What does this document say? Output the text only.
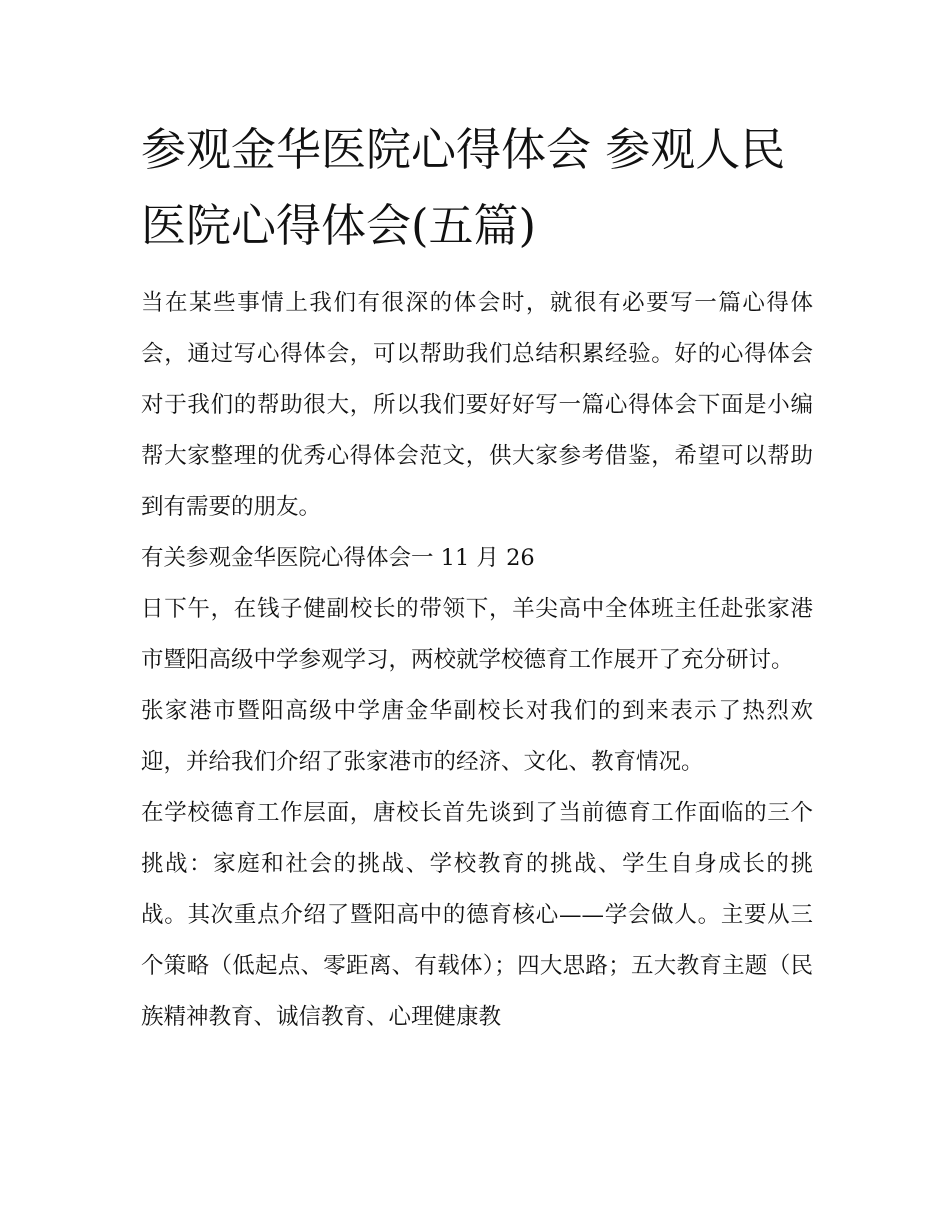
参观金华医院心得体会 参观人民医院心得体会(五篇)

当在某些事情上我们有很深的体会时，就很有必要写一篇心得体会，通过写心得体会，可以帮助我们总结积累经验。好的心得体会对于我们的帮助很大，所以我们要好好写一篇心得体会下面是小编帮大家整理的优秀心得体会范文，供大家参考借鉴，希望可以帮助到有需要的朋友。

有关参观金华医院心得体会一 11 月 26

日下午，在钱子健副校长的带领下，羊尖高中全体班主任赴张家港市暨阳高级中学参观学习，两校就学校德育工作展开了充分研讨。

张家港市暨阳高级中学唐金华副校长对我们的到来表示了热烈欢迎，并给我们介绍了张家港市的经济、文化、教育情况。

在学校德育工作层面，唐校长首先谈到了当前德育工作面临的三个挑战：家庭和社会的挑战、学校教育的挑战、学生自身成长的挑战。其次重点介绍了暨阳高中的德育核心——学会做人。主要从三个策略（低起点、零距离、有载体）；四大思路；五大教育主题（民族精神教育、诚信教育、心理健康教
